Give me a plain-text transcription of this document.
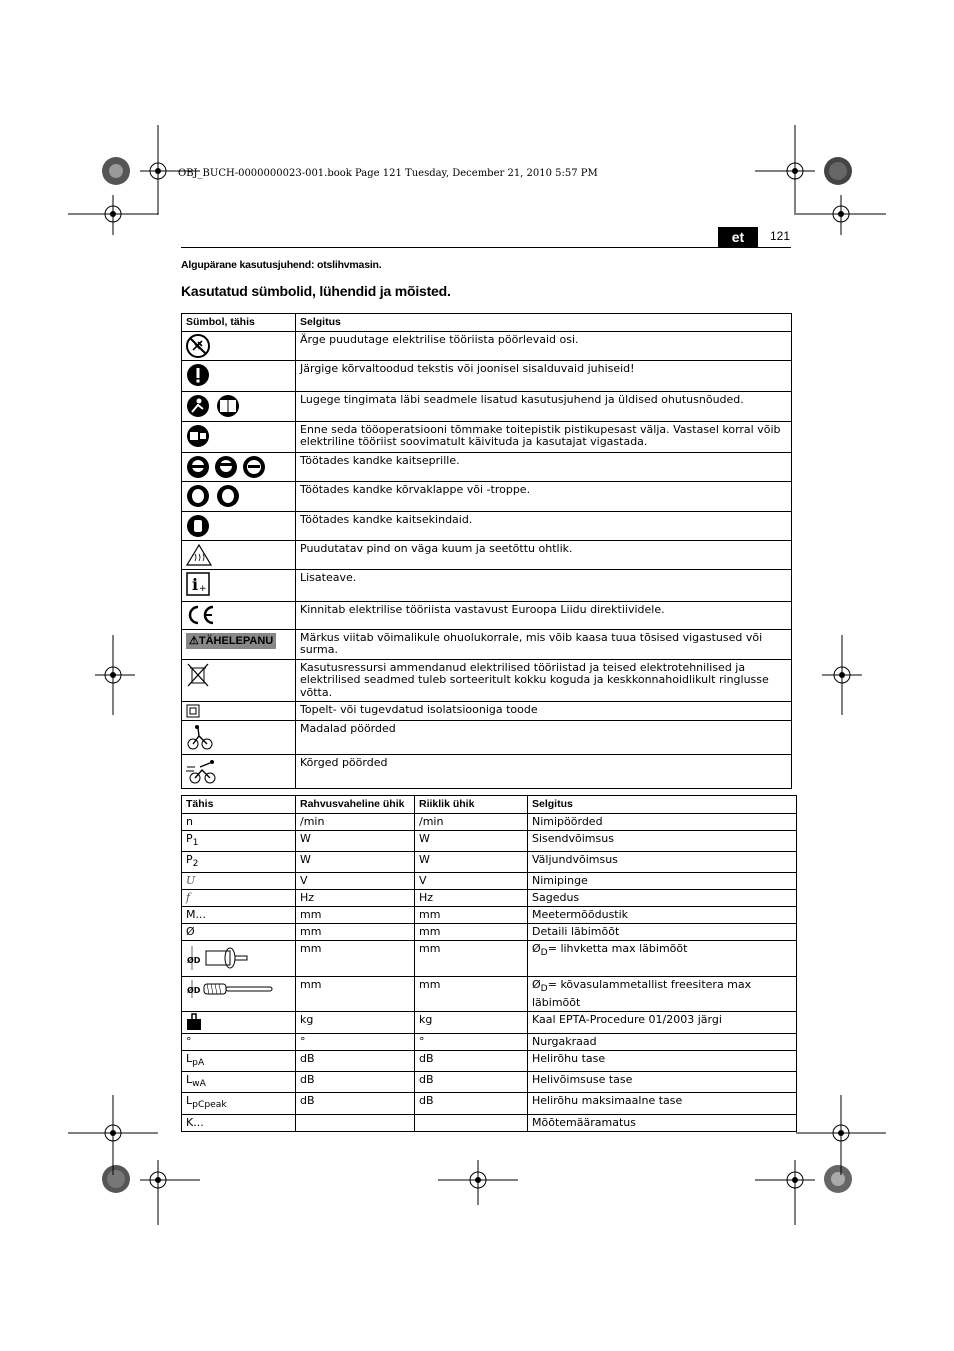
OBJ_BUCH-0000000023-001.book Page 121 Tuesday, December 21, 2010 5:57 PM
et	121
Algupärane kasutusjuhend: otslihvmasin.
Kasutatud sümbolid, lühendid ja mõisted.
Sümbol, tähis	Selgitus

	Ärge puudutage elektrilise tööriista pöörlevaid osi.

	Järgige kõrvaltoodud tekstis või joonisel sisalduvaid juhiseid!

	Lugege tingimata läbi seadmele lisatud kasutusjuhend ja üldised ohutusnõuded.

	Enne seda tööoperatsiooni tõmmake toitepistik pistikupesast välja. Vastasel korral võib elektriline tööriist soovimatult käivituda ja kasutajat vigastada.

	Töötades kandke kaitseprille.

	Töötades kandke kõrvaklappe või -troppe.

	Töötades kandke kaitsekindaid.

	Puudutatav pind on väga kuum ja seetõttu ohtlik.

i +	Lisateave.

	Kinnitab elektrilise tööriista vastavust Euroopa Liidu direktiividele.
⚠TÄHELEPANU	Märkus viitab võimalikule ohuolukorrale, mis võib kaasa tuua tõsised vigastused või surma.

	Kasutusressursi ammendanud elektrilised tööriistad ja teised elektrotehnilised ja elektrilised seadmed tuleb sorteeritult kokku koguda ja keskkonnahoidlikult ringlusse võtta.

	Topelt- või tugevdatud isolatsiooniga toode

	Madalad pöörded

	Kõrged pöörded
Tähis	Rahvusvaheline ühik	Riiklik ühik	Selgitus
n	/min	/min	Nimipöörded
$P_1$	W	W	Sisendvõimsus
$P_2$	W	W	Väljundvõimsus
U	V	V	Nimipinge
f	Hz	Hz	Sagedus
M...	mm	mm	Meetermõõdustik
Ø	mm	mm	Detaili läbimõõt

ØD	mm	mm	$Ø_D=$ lihvketta max läbimõõt

ØD	mm	mm	$Ø_D=$ kõvasulammetallist freesitera max läbimõõt

	kg	kg	Kaal EPTA-Procedure 01/2003 järgi
°	°	°	Nurgakraad
$L_{pA}$	dB	dB	Helirõhu tase
$L_{wA}$	dB	dB	Helivõimsuse tase
$L_{pCpeak}$	dB	dB	Helirõhu maksimaalne tase
K...			Mõõtemääramatus
